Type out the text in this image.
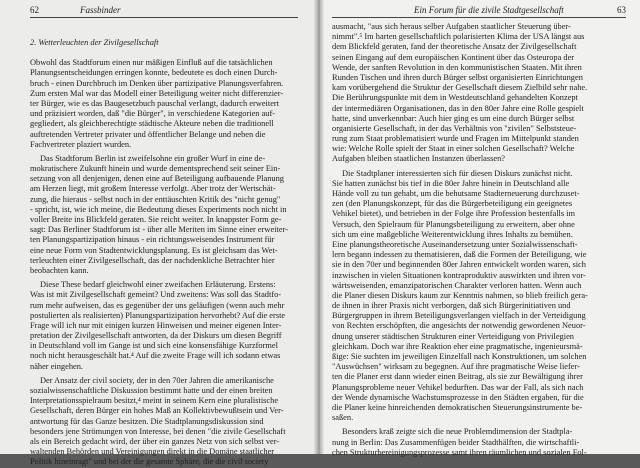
62	Fassbinder
2. Wetterleuchten der Zivilgesellschaft
Obwohl das Stadtforum einen nur mäßigen Einfluß auf die tatsächlichen
Planungsentscheidungen erringen konnte, bedeutete es doch einen Durch-
bruch - einen Durchbruch im Denken über partizipative Planungsverfahren.
Zum ersten Mal war das Modell einer Beteiligung weiter nicht differenzier-
ter Bürger, wie es das Baugesetzbuch pauschal verlangt, dadurch erweitert
und präzisiert worden, daß "die Bürger", in verschiedene Kategorien auf-
gegliedert, als gleichberechtigte städtische Akteure neben die traditionell
auftretenden Vertreter privater und öffentlicher Belange und neben die
Fachvertreter plaziert wurden.
Das Stadtforum Berlin ist zweifelsohne ein großer Wurf in eine de-
mokratischere Zukunft hinein und wurde dementsprechend seit seiner Ein-
setzung von all denjenigen, denen eine auf Beteiligung aufbauende Planung
am Herzen liegt, mit großem Interesse verfolgt. Aber trotz der Wertschät-
zung, die hieraus - selbst noch in der enttäuschten Kritik des "nicht genug"
- spricht, ist, wie ich meine, die Bedeutung dieses Experiments noch nicht in
voller Breite ins Blickfeld geraten. Sie reicht weiter. In knappster Form ge-
sagt: Das Berliner Stadtforum ist - über alle Meriten im Sinne einer erweiter-
ten Planungspartizipation hinaus - ein richtungsweisendes Instrument für
eine neue Form von Stadtentwicklungsplanung. Es ist gleichsam das Wet-
terleuchten einer Zivilgesellschaft, das der nachdenkliche Betrachter hier
beobachten kann.
Diese These bedarf gleichwohl einer zweifachen Erläuterung. Erstens:
Was ist mit Zivilgesellschaft gemeint? Und zweitens: Was soll das Stadtfo-
rum mehr aufweisen, das es gegenüber der uns geläufigen (wenn auch mehr
postulierten als realisierten) Planungspartizipation hervorhebt? Auf die erste
Frage will ich nur mit einigen kurzen Hinweisen und meiner eigenen Inter-
pretation der Zivilgesellschaft antworten, da der Diskurs um diesen Begriff
in Deutschland voll im Gange ist und sich eine konsensfähige Kurzformel
noch nicht herausgeschält hat.⁴ Auf die zweite Frage will ich sodann etwas
näher eingehen.
Der Ansatz der civil society, der in den 70er Jahren die amerikanische
sozialwissenschaftliche Diskussion bestimmt hatte und der einen breiten
Interpretationsspielraum besitzt,⁴ meint in seinem Kern eine pluralistische
Gesellschaft, deren Bürger ein hohes Maß an Kollektivbewußtsein und Ver-
antwortung für das Ganze besitzen. Die Stadtplanungsdiskussion sind
besonders jene Strömungen von Interesse, bei denen "die zivile Gesellschaft
als ein Bereich gedacht wird, der über ein ganzes Netz von sich selbst ver-
waltenden Behörden und Vereinigungen direkt in die Domäne staatlicher
Politik hineinragt" und bei der die gesamte Sphäre, die die civil society
Ein Forum für die zivile Stadtgesellschaft	63
ausmacht, "aus sich heraus selber Aufgaben staatlicher Steuerung über-
nimmt".⁵ Im harten gesellschaftlich polarisierten Klima der USA längst aus
dem Blickfeld geraten, fand der theoretische Ansatz der Zivilgesellschaft
seinen Eingang auf dem europäischen Kontinent über das Osteuropa der
Wende, der sanften Revolution in den kommunistischen Staaten. Mit ihren
Runden Tischen und ihren durch Bürger selbst organisierten Einrichtungen
kam vorübergehend die Struktur der Gesellschaft diesem Zielbild sehr nahe.
Die Berührungspunkte mit dem in Westdeutschland gehandelten Konzept
der intermediären Organisationen, das in den 80er Jahre eine Rolle gespielt
hatte, sind unverkennbar: Auch hier ging es um eine durch Bürger selbst
organisierte Gesellschaft, in der das Verhältnis von "zivilen" Selbststeue-
rung zum Staat problematisiert wurde und Fragen im Mittelpunkt standen
wie: Welche Rolle spielt der Staat in einer solchen Gesellschaft? Welche
Aufgaben bleiben staatlichen Instanzen überlassen?
Die Stadtplaner interessierten sich für diesen Diskurs zunächst nicht.
Sie hatten zunächst bis tief in die 80er Jahre hinein in Deutschland alle
Hände voll zu tun gehabt, um die behutsame Stadterneuerung durchzuset-
zen (den Planungskonzept, für das die Bürgerbeteiligung ein geeignetes
Vehikel bietet), und betrieben in der Folge ihre Profession bestenfalls im
Versuch, den Spielraum für Planungsbeteiligung zu erweitern, aber ohne
sich um eine maßgebliche Weiterentwicklung ihres Inhalts zu bemühen.
Eine planungstheoretische Auseinandersetzung unter Sozialwissenschaft-
lern begann indessen zu thematisieren, daß die Formen der Beteiligung, wie
sie in den 70er und beginnenden 80er Jahren entwickelt worden waren, sich
inzwischen in vielen Situationen kontraproduktiv auswirkten und ihren vor-
wärtsweisenden, emanzipatorischen Charakter verloren hatten. Wenn auch
die Planer diesen Diskurs kaum zur Kenntnis nahmen, so blieb freilich gera-
de ihnen in ihrer Praxis nicht verborgen, daß sich Bürgerinitiativen und
Bürgergruppen in ihrem Beteiligungsverlangen vielfach in der Verteidigung
von Rechten erschöpften, die angesichts der notwendig gewordenen Neuor-
dnung unserer städtischen Strukturen einer Verteidigung von Privilegien
gleichkam. Doch war ihre Reaktion eher eine pragmatische, ingenieursmä-
ßige: Sie suchten im jeweiligen Einzelfall nach Konstruktionen, um solchen
"Auswüchsen" wirksam zu begegnen. Auf ihre pragmatische Weise liefer-
ten die Planer erst dann wieder einen Beitrag, als sie zur Bewältigung ihrer
Planungsprobleme neuer Vehikel bedurften. Das war der Fall, als sich nach
der Wende dynamische Wachstumsprozesse in den Städten ergaben, für die
die Planer keine hinreichenden demokratischen Steuerungsinstrumente be-
saßen.
Besonders kraß zeigte sich die neue Problemdimension der Stadtpla-
nung in Berlin: Das Zusammenfügen beider Stadthälften, die wirtschaftli-
chen Strukturbereinigungsprozesse samt ihren räumlichen und sozialen Fol-
